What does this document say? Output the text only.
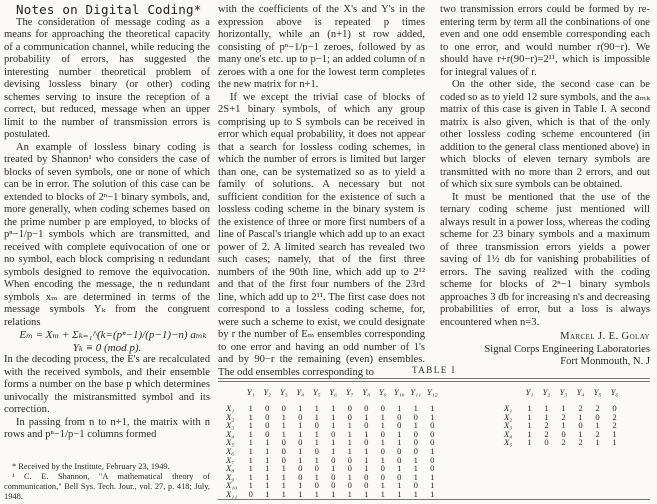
Notes on Digital Coding*

The consideration of message coding as a means for approaching the theoretical capacity of a communication channel, while reducing the probability of errors, has suggested the interesting number theoretical problem of devising lossless binary (or other) coding schemes serving to insure the reception of a correct, but reduced, message when an upper limit to the number of transmission errors is postulated.

An example of lossless binary coding is treated by Shannon¹ who considers the case of blocks of seven symbols, one or none of which can be in error. The solution of this case can be extended to blocks of 2ⁿ−1 binary symbols, and, more generally, when coding schemes based on the prime number p are employed, to blocks of pⁿ−1/p−1 symbols which are transmitted, and received with complete equivocation of one or no symbol, each block comprising n redundant symbols designed to remove the equivocation. When encoding the message, the n redundant symbols xₘ are determined in terms of the message symbols Yₖ from the congruent relations

Eₘ = Xₘ + Σₖ₌₁^(k=(pⁿ−1)/(p−1)−n) aₘₖ Yₖ ≡ 0 (mod p).

In the decoding process, the E's are recalculated with the received symbols, and their ensemble forms a number on the base p which determines univocally the mistransmitted symbol and its correction.

In passing from n to n+1, the matrix with n rows and pⁿ−1/p−1 columns formed

* Received by the Institute, February 23, 1949.
¹ C. E. Shannon, "A mathematical theory of communication," Bell Sys. Tech. Jour., vol. 27, p. 418; July, 1948.

with the coefficients of the X's and Y's in the expression above is repeated p times horizontally, while an (n+1) st row added, consisting of pⁿ−1/p−1 zeroes, followed by as many one's etc. up to p−1; an added column of n zeroes with a one for the lowest term completes the new matrix for n+1.

If we except the trivial case of blocks of 2S+1 binary symbols, of which any group comprising up to S symbols can be received in error which equal probability, it does not appear that a search for lossless coding schemes, in which the number of errors is limited but larger than one, can be systematized so as to yield a family of solutions. A necessary but not sufficient condition for the existence of such a lossless coding scheme in the binary system is the existence of three or more first numbers of a line of Pascal's triangle which add up to an exact power of 2. A limited search has revealed two such cases; namely, that of the first three numbers of the 90th line, which add up to 2¹² and that of the first four numbers of the 23rd line, which add up to 2¹¹. The first case does not correspond to a lossless coding scheme, for, were such a scheme to exist, we could designate by r the number of Eₘ ensembles corresponding to one error and having an odd number of 1's and by 90−r the remaining (even) ensembles. The odd ensembles corresponding to

two transmission errors could be formed by re-entering term by term all the conbinations of one even and one odd ensemble corresponding each to one error, and would number r(90−r). We should have r+r(90−r)=2¹¹, which is impossible for integral values of r.

On the other side, the second case can be coded so as to yield 12 sure symbols, and the aₘₖ matrix of this case is given in Table I. A second matrix is also given, which is that of the only other lossless coding scheme encountered (in addition to the general class mentioned above) in which blocks of eleven ternary symbols are transmitted with no more than 2 errors, and out of which six sure symbols can be obtained.

It must be mentioned that the use of the ternary coding scheme just mentioned will always result in a power loss, whereas the coding scheme for 23 binary symbols and a maximum of three transmission errors yields a power saving of 1½ db for vanishing probabilities of errors. The saving realized with the coding scheme for blocks of 2ⁿ−1 binary symbols approaches 3 db for increasing n's and decreasing probabilities of error, but a loss is always encountered when n=3.

Marcel J. E. Golay
Signal Corps Engineering Laboratories
Fort Monmouth, N. J
TABLE I
	Y₁	Y₂	Y₃	Y₄	Y₅	Y₆	Y₇	Y₈	Y₉	Y₁₀	Y₁₁	Y₁₂

X₁	1	0	0	1	1	1	0	0	0	1	1	1
X₂	1	0	1	0	1	1	0	1	1	0	0	1
X₃	1	0	1	1	0	1	1	0	1	0	1	0
X₄	1	0	1	1	1	0	1	1	0	1	0	0
X₅	1	1	0	0	1	1	1	0	1	1	0	0
X₆	1	1	0	1	0	1	1	1	0	0	0	1
X₇	1	1	0	1	1	0	0	1	1	0	1	0
X₈	1	1	1	0	0	1	0	1	0	1	1	0
X₉	1	1	1	0	1	0	1	0	0	0	1	1
X₁₀	1	1	1	1	0	0	0	0	1	1	0	1
X₁₁	0	1	1	1	1	1	1	1	1	1	1	1
	Y₁	Y₂	Y₃	Y₄	Y₅	Y₆

X₁	1	1	1	2	2	0
X₂	1	1	2	1	0	2
X₃	1	2	1	0	1	2
X₄	1	2	0	1	2	1
X₅	1	0	2	2	1	1
